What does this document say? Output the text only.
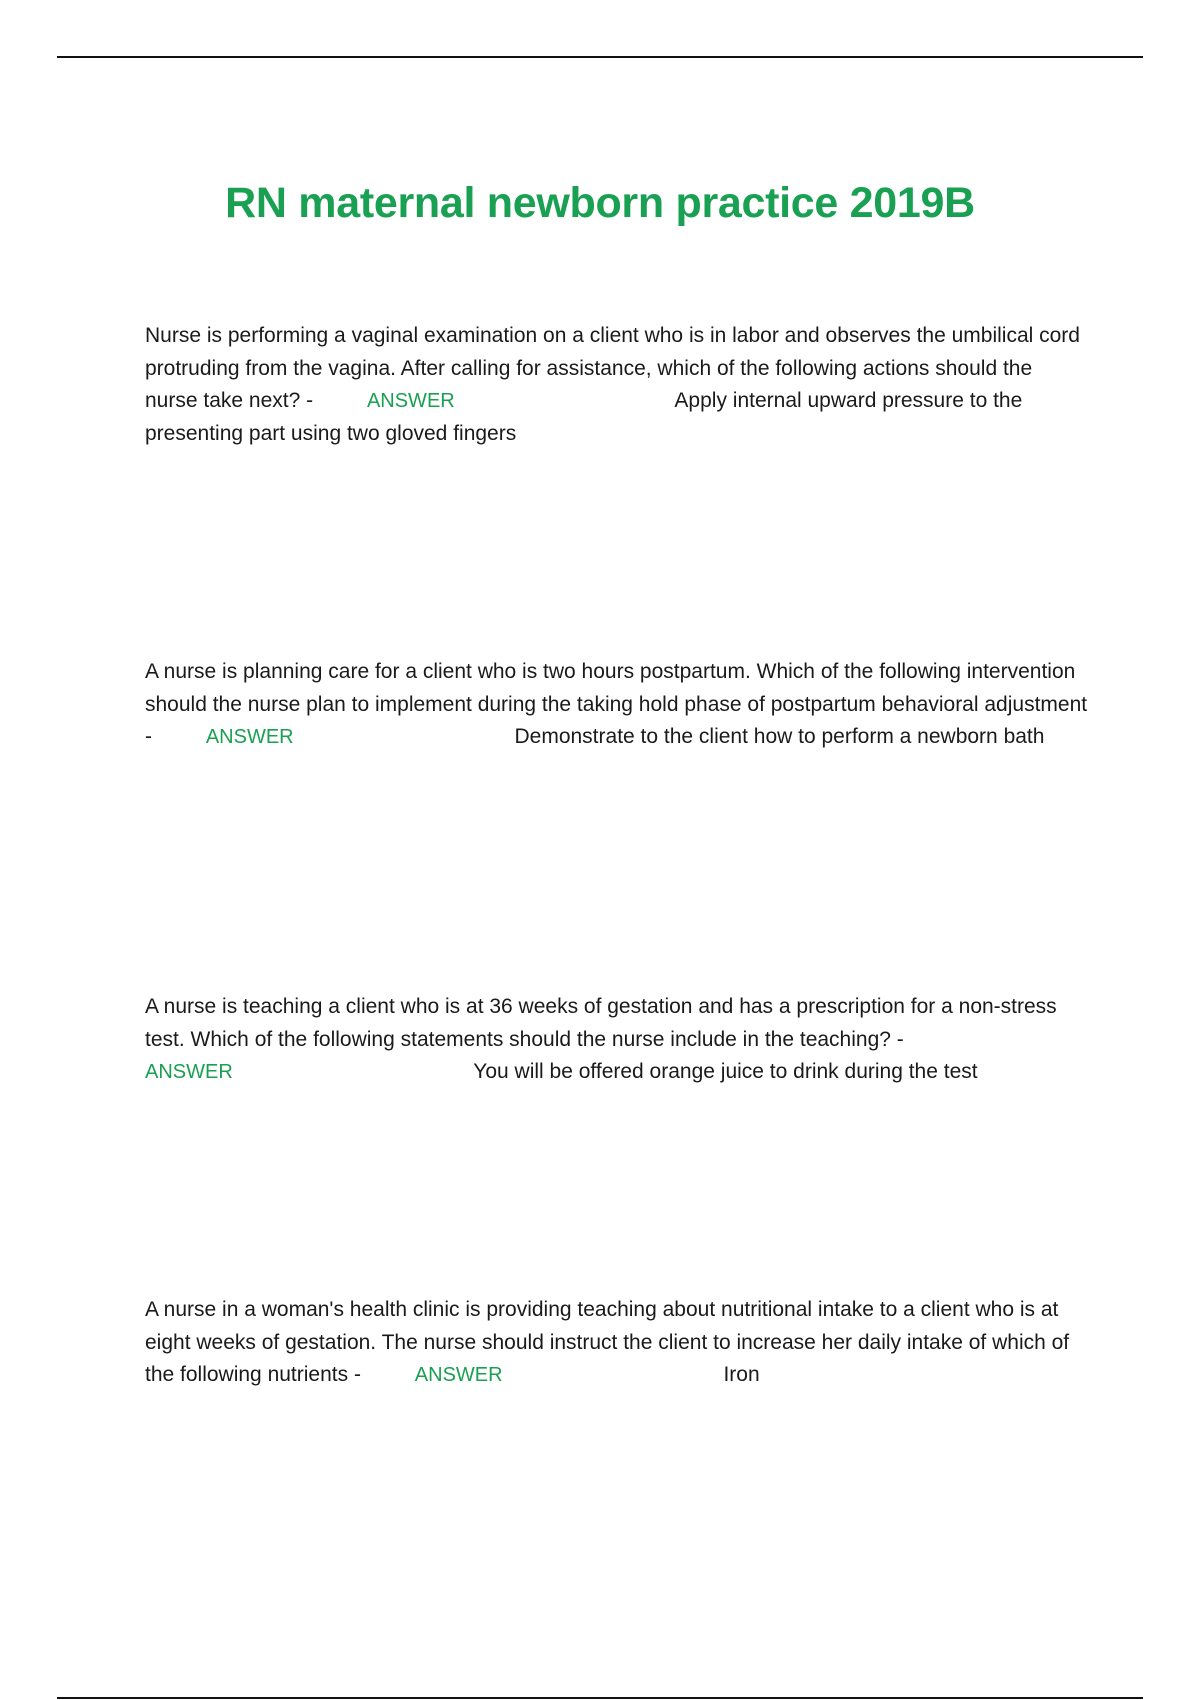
RN maternal newborn practice 2019B

Nurse is performing a vaginal examination on a client who is in labor and observes the umbilical cord protruding from the vagina. After calling for assistance, which of the following actions should the nurse take next? -	ANSWER	Apply internal upward pressure to the presenting part using two gloved fingers

A nurse is planning care for a client who is two hours postpartum. Which of the following intervention should the nurse plan to implement during the taking hold phase of postpartum behavioral adjustment -	ANSWER	Demonstrate to the client how to perform a newborn bath

A nurse is teaching a client who is at 36 weeks of gestation and has a prescription for a non-stress test. Which of the following statements should the nurse include in the teaching? - ANSWER	You will be offered orange juice to drink during the test

A nurse in a woman's health clinic is providing teaching about nutritional intake to a client who is at eight weeks of gestation. The nurse should instruct the client to increase her daily intake of which of the following nutrients -	ANSWER	Iron
